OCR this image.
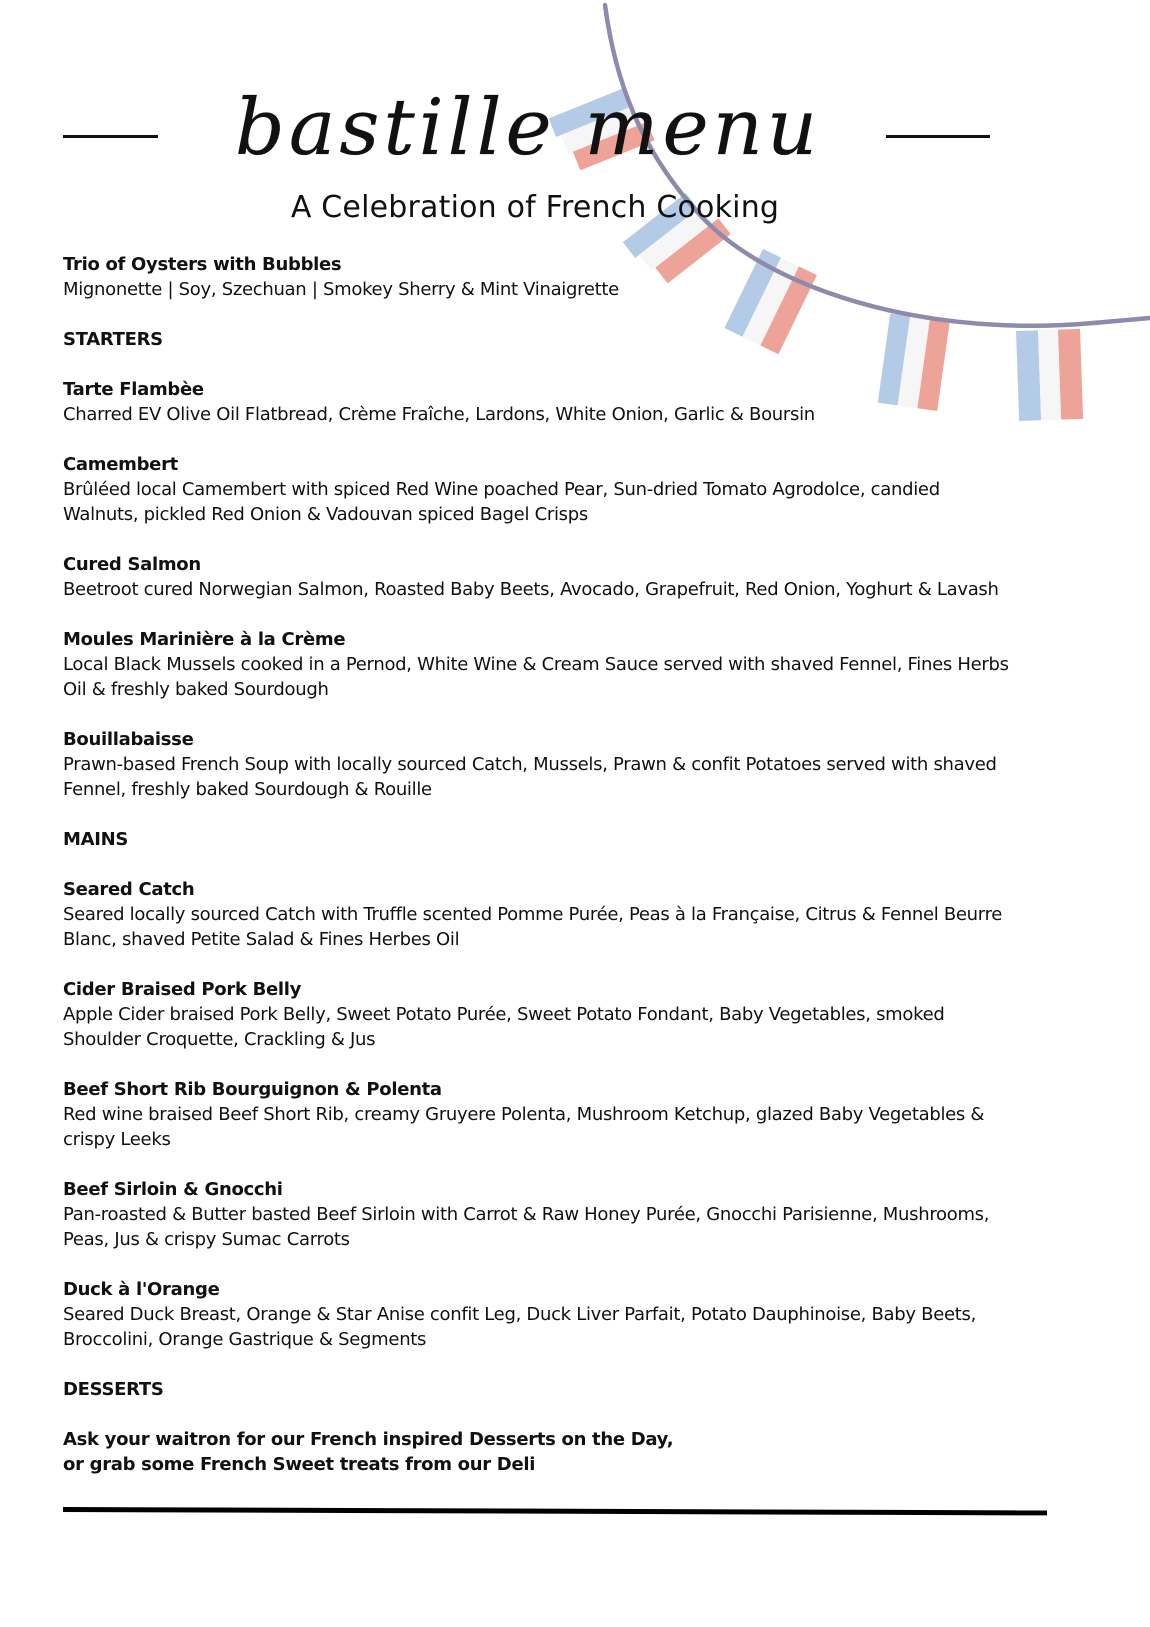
bastille menu
A Celebration of French Cooking
Trio of Oysters with Bubbles
Mignonette | Soy, Szechuan | Smokey Sherry & Mint Vinaigrette
STARTERS
Tarte Flambèe
Charred EV Olive Oil Flatbread, Crème Fraîche, Lardons, White Onion, Garlic & Boursin
Camembert
Brûléed local Camembert with spiced Red Wine poached Pear, Sun-dried Tomato Agrodolce, candied
Walnuts, pickled Red Onion & Vadouvan spiced Bagel Crisps
Cured Salmon
Beetroot cured Norwegian Salmon, Roasted Baby Beets, Avocado, Grapefruit, Red Onion, Yoghurt & Lavash
Moules Marinière à la Crème
Local Black Mussels cooked in a Pernod, White Wine & Cream Sauce served with shaved Fennel, Fines Herbs
Oil & freshly baked Sourdough
Bouillabaisse
Prawn-based French Soup with locally sourced Catch, Mussels, Prawn & confit Potatoes served with shaved
Fennel, freshly baked Sourdough & Rouille
MAINS
Seared Catch
Seared locally sourced Catch with Truffle scented Pomme Purée, Peas à la Française, Citrus & Fennel Beurre
Blanc, shaved Petite Salad & Fines Herbes Oil
Cider Braised Pork Belly
Apple Cider braised Pork Belly, Sweet Potato Purée, Sweet Potato Fondant, Baby Vegetables, smoked
Shoulder Croquette, Crackling & Jus
Beef Short Rib Bourguignon & Polenta
Red wine braised Beef Short Rib, creamy Gruyere Polenta, Mushroom Ketchup, glazed Baby Vegetables &
crispy Leeks
Beef Sirloin & Gnocchi
Pan-roasted & Butter basted Beef Sirloin with Carrot & Raw Honey Purée, Gnocchi Parisienne, Mushrooms,
Peas, Jus & crispy Sumac Carrots
Duck à l'Orange
Seared Duck Breast, Orange & Star Anise confit Leg, Duck Liver Parfait, Potato Dauphinoise, Baby Beets,
Broccolini, Orange Gastrique & Segments
DESSERTS
Ask your waitron for our French inspired Desserts on the Day,
or grab some French Sweet treats from our Deli
